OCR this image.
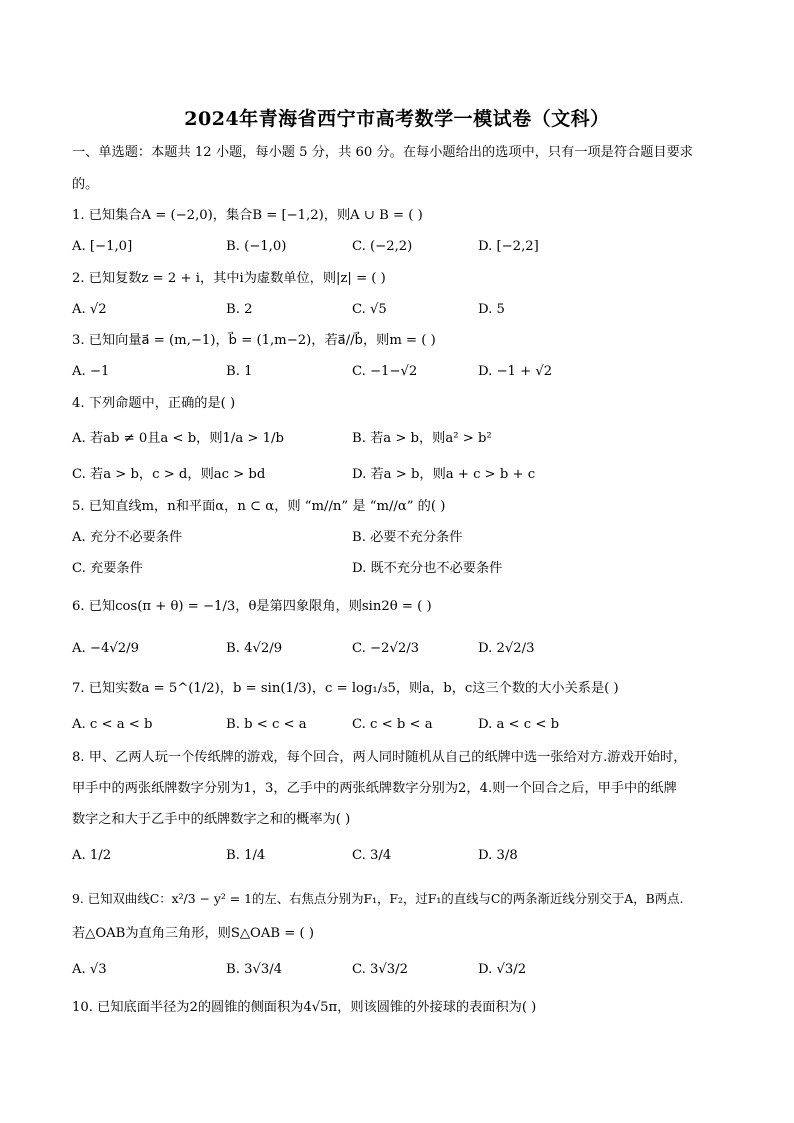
2024年青海省西宁市高考数学一模试卷（文科）
一、单选题：本题共 12 小题，每小题 5 分，共 60 分。在每小题给出的选项中，只有一项是符合题目要求
的。
1. 已知集合A = (−2,0)，集合B = [−1,2)，则A ∪ B = ( )
A. [−1,0]	B. (−1,0)	C. (−2,2)	D. [−2,2]
2. 已知复数z = 2 + i，其中i为虚数单位，则|z| = ( )
A. √2	B. 2	C. √5	D. 5
3. 已知向量a⃗ = (m,−1)，b⃗ = (1,m−2)，若a⃗//b⃗，则m = ( )
A. −1	B. 1	C. −1−√2	D. −1 + √2
4. 下列命题中，正确的是( )
A. 若ab ≠ 0且a < b，则1/a > 1/b	B. 若a > b，则a² > b²
C. 若a > b，c > d，则ac > bd	D. 若a > b，则a + c > b + c
5. 已知直线m，n和平面α，n ⊂ α，则 “m//n” 是 “m//α” 的( )
A. 充分不必要条件	B. 必要不充分条件
C. 充要条件	D. 既不充分也不必要条件
6. 已知cos(π + θ) = −1/3，θ是第四象限角，则sin2θ = ( )
A. −4√2/9	B. 4√2/9	C. −2√2/3	D. 2√2/3
7. 已知实数a = 5^(1/2)，b = sin(1/3)，c = log₁/₃5，则a，b，c这三个数的大小关系是( )
A. c < a < b	B. b < c < a	C. c < b < a	D. a < c < b
8. 甲、乙两人玩一个传纸牌的游戏，每个回合，两人同时随机从自己的纸牌中选一张给对方.游戏开始时，
甲手中的两张纸牌数字分别为1，3，乙手中的两张纸牌数字分别为2，4.则一个回合之后，甲手中的纸牌
数字之和大于乙手中的纸牌数字之和的概率为( )
A. 1/2	B. 1/4	C. 3/4	D. 3/8
9. 已知双曲线C：x²/3 − y² = 1的左、右焦点分别为F₁，F₂，过F₁的直线与C的两条渐近线分别交于A，B两点.
若△OAB为直角三角形，则S△OAB = ( )
A. √3	B. 3√3/4	C. 3√3/2	D. √3/2
10. 已知底面半径为2的圆锥的侧面积为4√5π，则该圆锥的外接球的表面积为( )
